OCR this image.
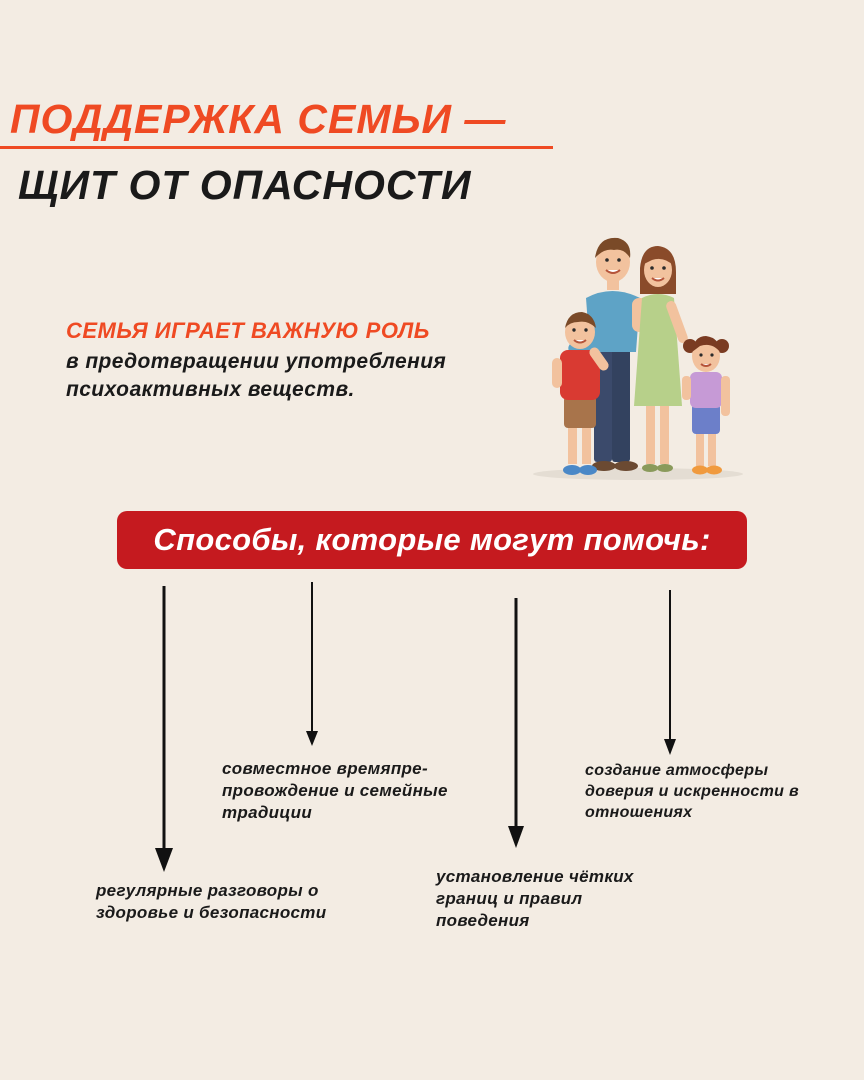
ПОДДЕРЖКА СЕМЬИ —
ЩИТ ОТ ОПАСНОСТИ
СЕМЬЯ ИГРАЕТ ВАЖНУЮ РОЛЬ
в предотвращении употребления психоактивных веществ.
Способы, которые могут помочь:
регулярные разговоры о здоровье и безопасности
совместное времяпре-провождение и семейные традиции
установление чётких границ и правил поведения
создание атмосферы доверия и искренности в отношениях
